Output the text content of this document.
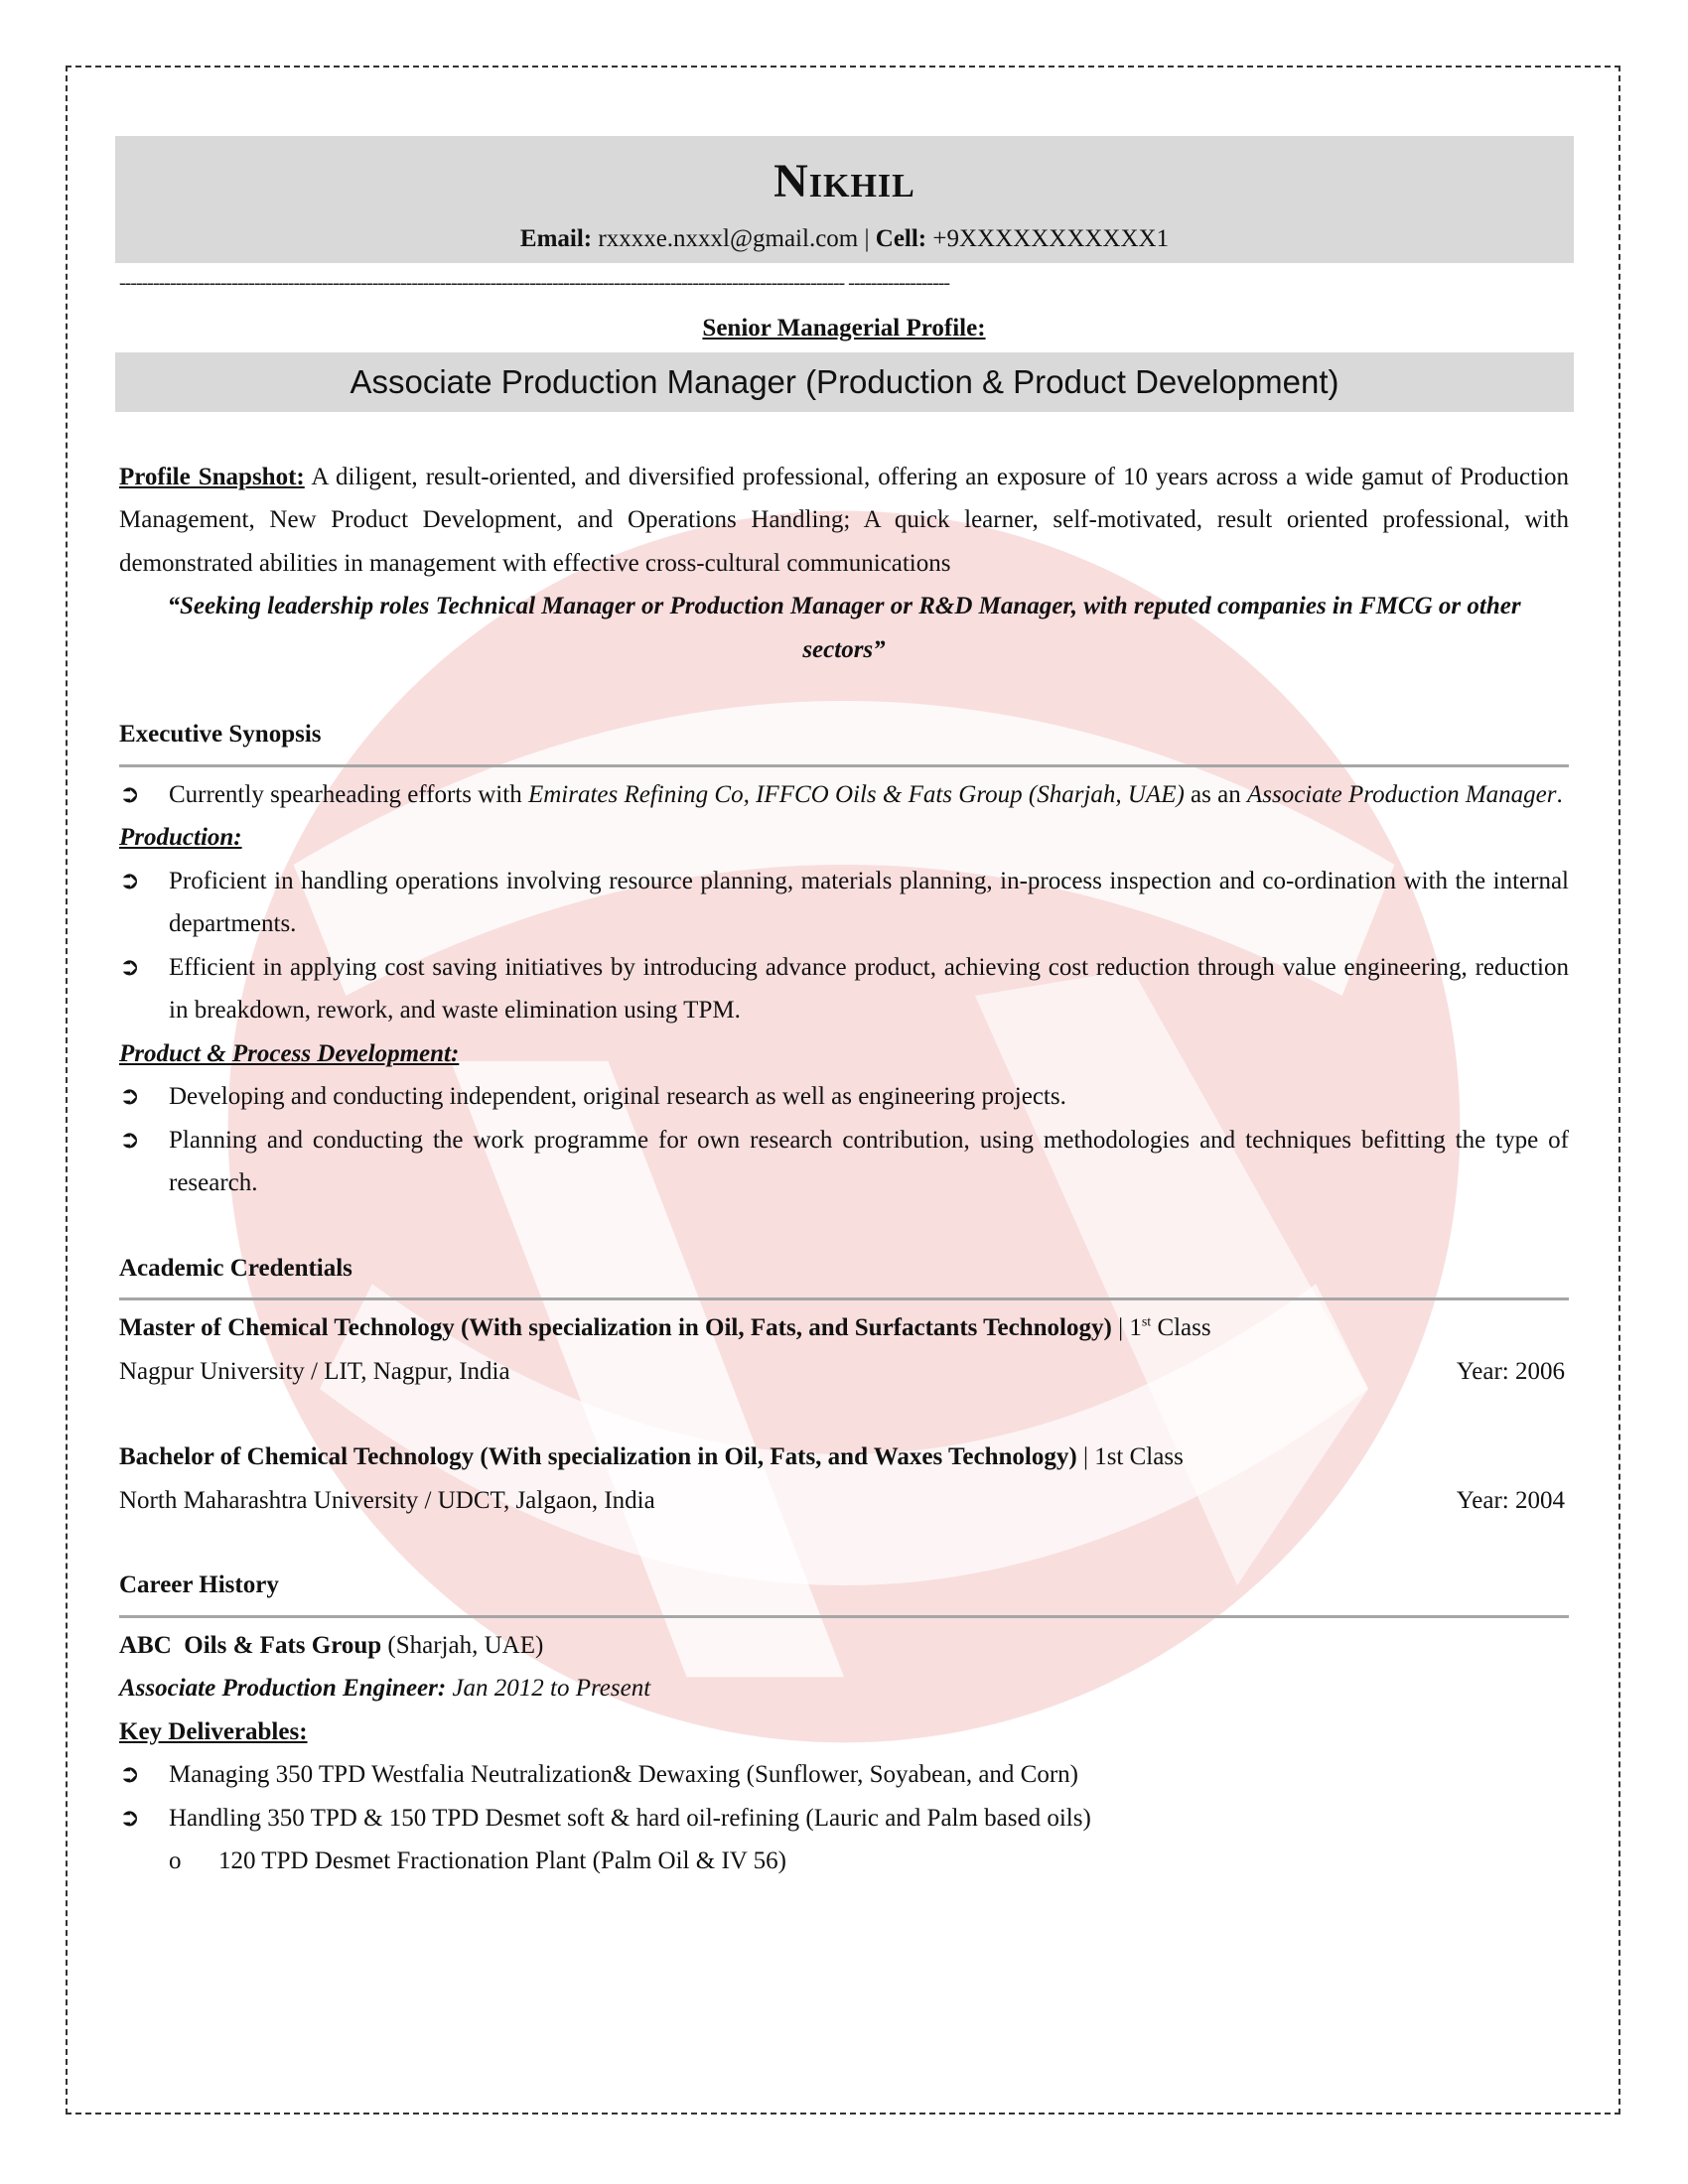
Nikhil
Email: rxxxxe.nxxxl@gmail.com | Cell: +9XXXXXXXXXXX1
--------------------------------------------------------------------------------------------------------------------------------- ------------------
Senior Managerial Profile:
Associate Production Manager (Production & Product Development)

Profile Snapshot: A diligent, result-oriented, and diversified professional, offering an exposure of 10 years across a wide gamut of Production Management, New Product Development, and Operations Handling; A quick learner, self-motivated, result oriented professional, with demonstrated abilities in management with effective cross-cultural communications

“Seeking leadership roles Technical Manager or Production Manager or R&D Manager, with reputed companies in FMCG or other sectors”
Executive Synopsis
➲ Currently spearheading efforts with Emirates Refining Co, IFFCO Oils & Fats Group (Sharjah, UAE) as an Associate Production Manager.
Production:
➲ Proficient in handling operations involving resource planning, materials planning, in-process inspection and co-ordination with the internal departments.
➲ Efficient in applying cost saving initiatives by introducing advance product, achieving cost reduction through value engineering, reduction in breakdown, rework, and waste elimination using TPM.
Product & Process Development:
➲ Developing and conducting independent, original research as well as engineering projects.
➲ Planning and conducting the work programme for own research contribution, using methodologies and techniques befitting the type of research.
Academic Credentials
Master of Chemical Technology (With specialization in Oil, Fats, and Surfactants Technology) | 1st Class
Nagpur University / LIT, Nagpur, India	Year: 2006
Bachelor of Chemical Technology (With specialization in Oil, Fats, and Waxes Technology) | 1st Class
North Maharashtra University / UDCT, Jalgaon, India	Year: 2004
Career History
ABC  Oils & Fats Group (Sharjah, UAE)
Associate Production Engineer: Jan 2012 to Present
Key Deliverables:
➲ Managing 350 TPD Westfalia Neutralization& Dewaxing (Sunflower, Soyabean, and Corn)
➲ Handling 350 TPD & 150 TPD Desmet soft & hard oil-refining (Lauric and Palm based oils)
o 120 TPD Desmet Fractionation Plant (Palm Oil & IV 56)
